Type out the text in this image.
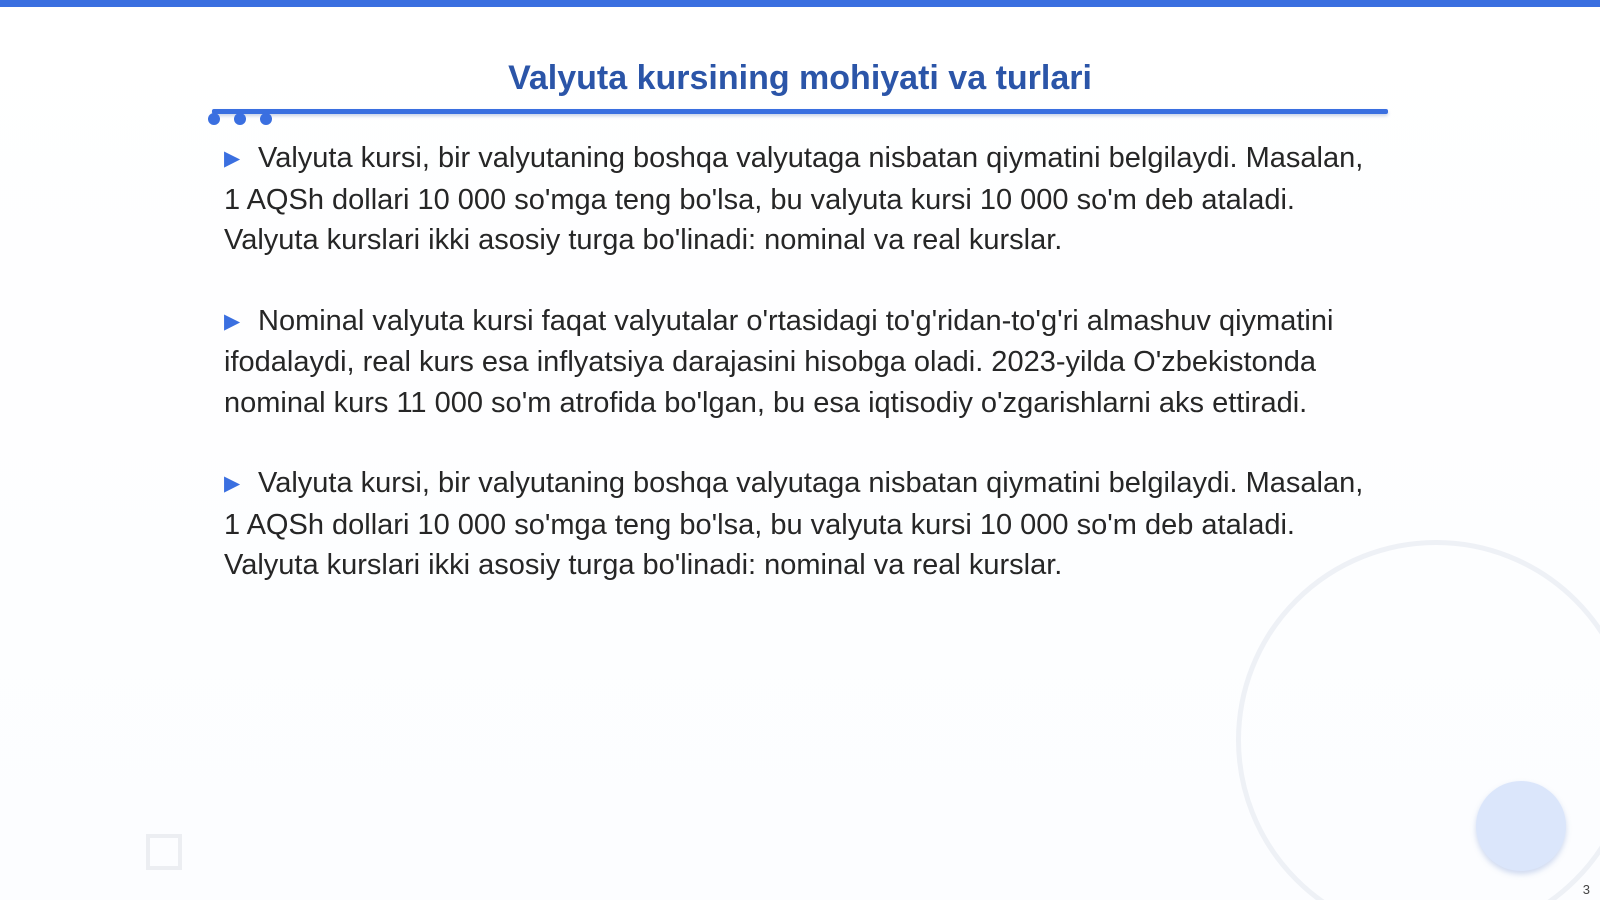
Valyuta kursining mohiyati va turlari

▶ Valyuta kursi, bir valyutaning boshqa valyutaga nisbatan qiymatini belgilaydi. Masalan, 1 AQSh dollari 10 000 so'mga teng bo'lsa, bu valyuta kursi 10 000 so'm deb ataladi. Valyuta kurslari ikki asosiy turga bo'linadi: nominal va real kurslar.

▶ Nominal valyuta kursi faqat valyutalar o'rtasidagi to'g'ridan-to'g'ri almashuv qiymatini ifodalaydi, real kurs esa inflyatsiya darajasini hisobga oladi. 2023-yilda O'zbekistonda nominal kurs 11 000 so'm atrofida bo'lgan, bu esa iqtisodiy o'zgarishlarni aks ettiradi.

▶ Valyuta kursi, bir valyutaning boshqa valyutaga nisbatan qiymatini belgilaydi. Masalan, 1 AQSh dollari 10 000 so'mga teng bo'lsa, bu valyuta kursi 10 000 so'm deb ataladi. Valyuta kurslari ikki asosiy turga bo'linadi: nominal va real kurslar.

3
